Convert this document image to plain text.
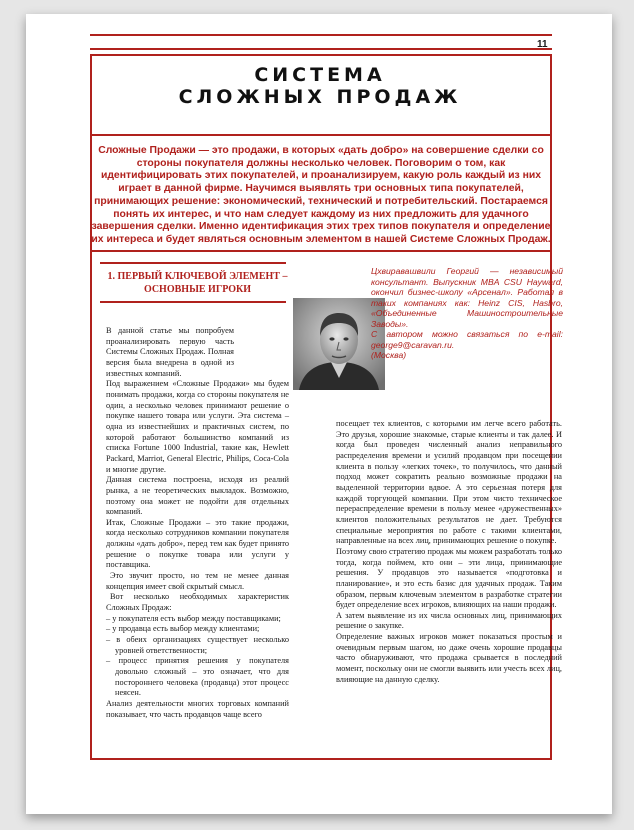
11
СИСТЕМА
СЛОЖНЫХ ПРОДАЖ
Сложные Продажи — это продажи, в которых «дать добро» на совершение сделки со стороны покупателя должны несколько человек. Поговорим о том, как идентифицировать этих покупателей, и проанализируем, какую роль каждый из них играет в данной фирме. Научимся выявлять три основных типа покупателей, принимающих решение: экономический, технический и потребительский. Постараемся понять их интерес, и что нам следует каждому из них предложить для удачного завершения сделки. Именно идентификация этих трех типов покупателя и определение их интереса и будет являться основным элементом в нашей Системе Сложных Продаж.
1. ПЕРВЫЙ КЛЮЧЕВОЙ ЭЛЕМЕНТ – ОСНОВНЫЕ ИГРОКИ

Цхвиравашвили Георгий — независимый консультант. Выпускник MBA CSU Hayward, окончил бизнес-школу «Арсенал». Работал в таких компаниях как: Heinz CIS, Hasbro, «Объединенные Машиностроительные Заводы».

С автором можно связаться по e-mail: george9@caravan.ru.

(Москва)

В данной статье мы попробуем проанализировать первую часть Системы Сложных Продаж. Полная версия была внедрена в одной из известных компаний.

Под выражением «Сложные Продажи» мы будем понимать продажи, когда со стороны покупателя не один, а несколько человек принимают решение о покупке нашего товара или услуги. Эта система – одна из известнейших и практичных систем, по которой работают большинство компаний из списка Fortune 1000 Industrial, такие как, Hewlett Packard, Marriot, General Electric, Philips, Coca-Cola и многие другие.

Данная система построена, исходя из реалий рынка, а не теоретических выкладок. Возможно, поэтому она может не подойти для отдельных компаний.

Итак, Сложные Продажи – это такие продажи, когда несколько сотрудников компании покупателя должны «дать добро», перед тем как будет принято решение о покупке товара или услуги у поставщика.

Это звучит просто, но тем не менее данная концепция имеет свой скрытый смысл.

Вот несколько необходимых характеристик Сложных Продаж:

– у покупателя есть выбор между поставщиками;
– у продавца есть выбор между клиентами;
– в обеих организациях существует несколько уровней ответственности;
– процесс принятия решения у покупателя довольно сложный – это означает, что для постороннего человека (продавца) этот процесс неясен.

Анализ деятельности многих торговых компаний показывает, что часть продавцов чаще всего

посещает тех клиентов, с которыми им легче всего работать. Это друзья, хорошие знакомые, старые клиенты и так далее. И когда был проведен численный анализ неправильного распределения времени и усилий продавцом при посещении клиента в пользу «легких точек», то получилось, что данный подход может сократить реально возможные продажи на выделенной территории вдвое. А это серьезная потеря для каждой торгующей компании. При этом чисто техническое перераспределение времени в пользу менее «дружественных» клиентов положительных результатов не дает. Требуются специальные мероприятия по работе с такими клиентами, направленные на всех лиц, принимающих решение о покупке.

Поэтому свою стратегию продаж мы можем разработать только тогда, когда поймем, кто они – эти лица, принимающие решения. У продавцов это называется «подготовка и планирование», и это есть базис для удачных продаж. Таким образом, первым ключевым элементом в разработке стратегии будет определение всех игроков, влияющих на наши продажи.

А затем выявление из их числа основных лиц, принимающих решение о закупке.

Определение важных игроков может показаться простым и очевидным первым шагом, но даже очень хорошие продавцы часто обнаруживают, что продажа срывается в последний момент, поскольку они не смогли выявить или учесть всех лиц, влияющие на данную сделку.
